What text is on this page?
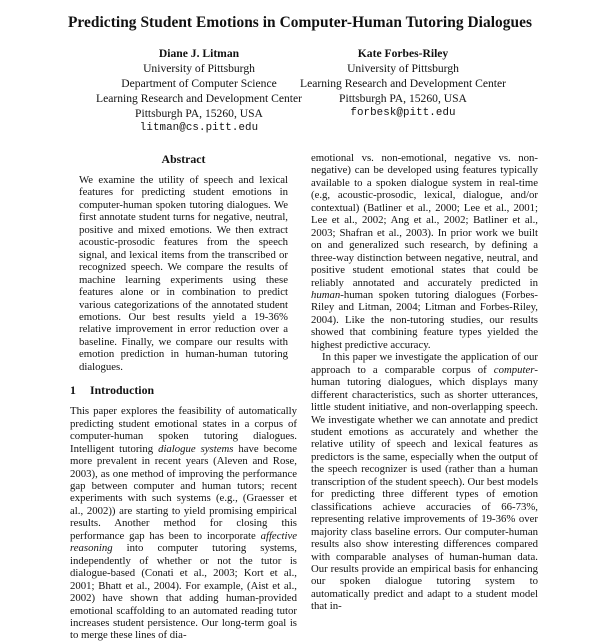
Predicting Student Emotions in Computer-Human Tutoring Dialogues
Diane J. Litman
University of Pittsburgh
Department of Computer Science
Learning Research and Development Center
Pittsburgh PA, 15260, USA
litman@cs.pitt.edu
Kate Forbes-Riley
University of Pittsburgh
Learning Research and Development Center
Pittsburgh PA, 15260, USA
forbesk@pitt.edu
Abstract
We examine the utility of speech and lexical features for predicting student emotions in computer-human spoken tutoring dialogues. We first annotate student turns for negative, neutral, positive and mixed emotions. We then extract acoustic-prosodic features from the speech signal, and lexical items from the transcribed or recognized speech. We compare the results of machine learning experiments using these features alone or in combination to predict various categorizations of the annotated student emotions. Our best results yield a 19-36% relative improvement in error reduction over a baseline. Finally, we compare our results with emotion prediction in human-human tutoring dialogues.
1 Introduction

This paper explores the feasibility of automatically predicting student emotional states in a corpus of computer-human spoken tutoring dialogues. Intelligent tutoring dialogue systems have become more prevalent in recent years (Aleven and Rose, 2003), as one method of improving the performance gap between computer and human tutors; recent experiments with such systems (e.g., (Graesser et al., 2002)) are starting to yield promising empirical results. Another method for closing this performance gap has been to incorporate affective reasoning into computer tutoring systems, independently of whether or not the tutor is dialogue-based (Conati et al., 2003; Kort et al., 2001; Bhatt et al., 2004). For example, (Aist et al., 2002) have shown that adding human-provided emotional scaffolding to an automated reading tutor increases student persistence. Our long-term goal is to merge these lines of dia-

emotional vs. non-emotional, negative vs. non-negative) can be developed using features typically available to a spoken dialogue system in real-time (e.g, acoustic-prosodic, lexical, dialogue, and/or contextual) (Batliner et al., 2000; Lee et al., 2001; Lee et al., 2002; Ang et al., 2002; Batliner et al., 2003; Shafran et al., 2003). In prior work we built on and generalized such research, by defining a three-way distinction between negative, neutral, and positive student emotional states that could be reliably annotated and accurately predicted in human-human spoken tutoring dialogues (Forbes-Riley and Litman, 2004; Litman and Forbes-Riley, 2004). Like the non-tutoring studies, our results showed that combining feature types yielded the highest predictive accuracy.

In this paper we investigate the application of our approach to a comparable corpus of computer-human tutoring dialogues, which displays many different characteristics, such as shorter utterances, little student initiative, and non-overlapping speech. We investigate whether we can annotate and predict student emotions as accurately and whether the relative utility of speech and lexical features as predictors is the same, especially when the output of the speech recognizer is used (rather than a human transcription of the student speech). Our best models for predicting three different types of emotion classifications achieve accuracies of 66-73%, representing relative improvements of 19-36% over majority class baseline errors. Our computer-human results also show interesting differences compared with comparable analyses of human-human data. Our results provide an empirical basis for enhancing our spoken dialogue tutoring system to automatically predict and adapt to a student model that in-
